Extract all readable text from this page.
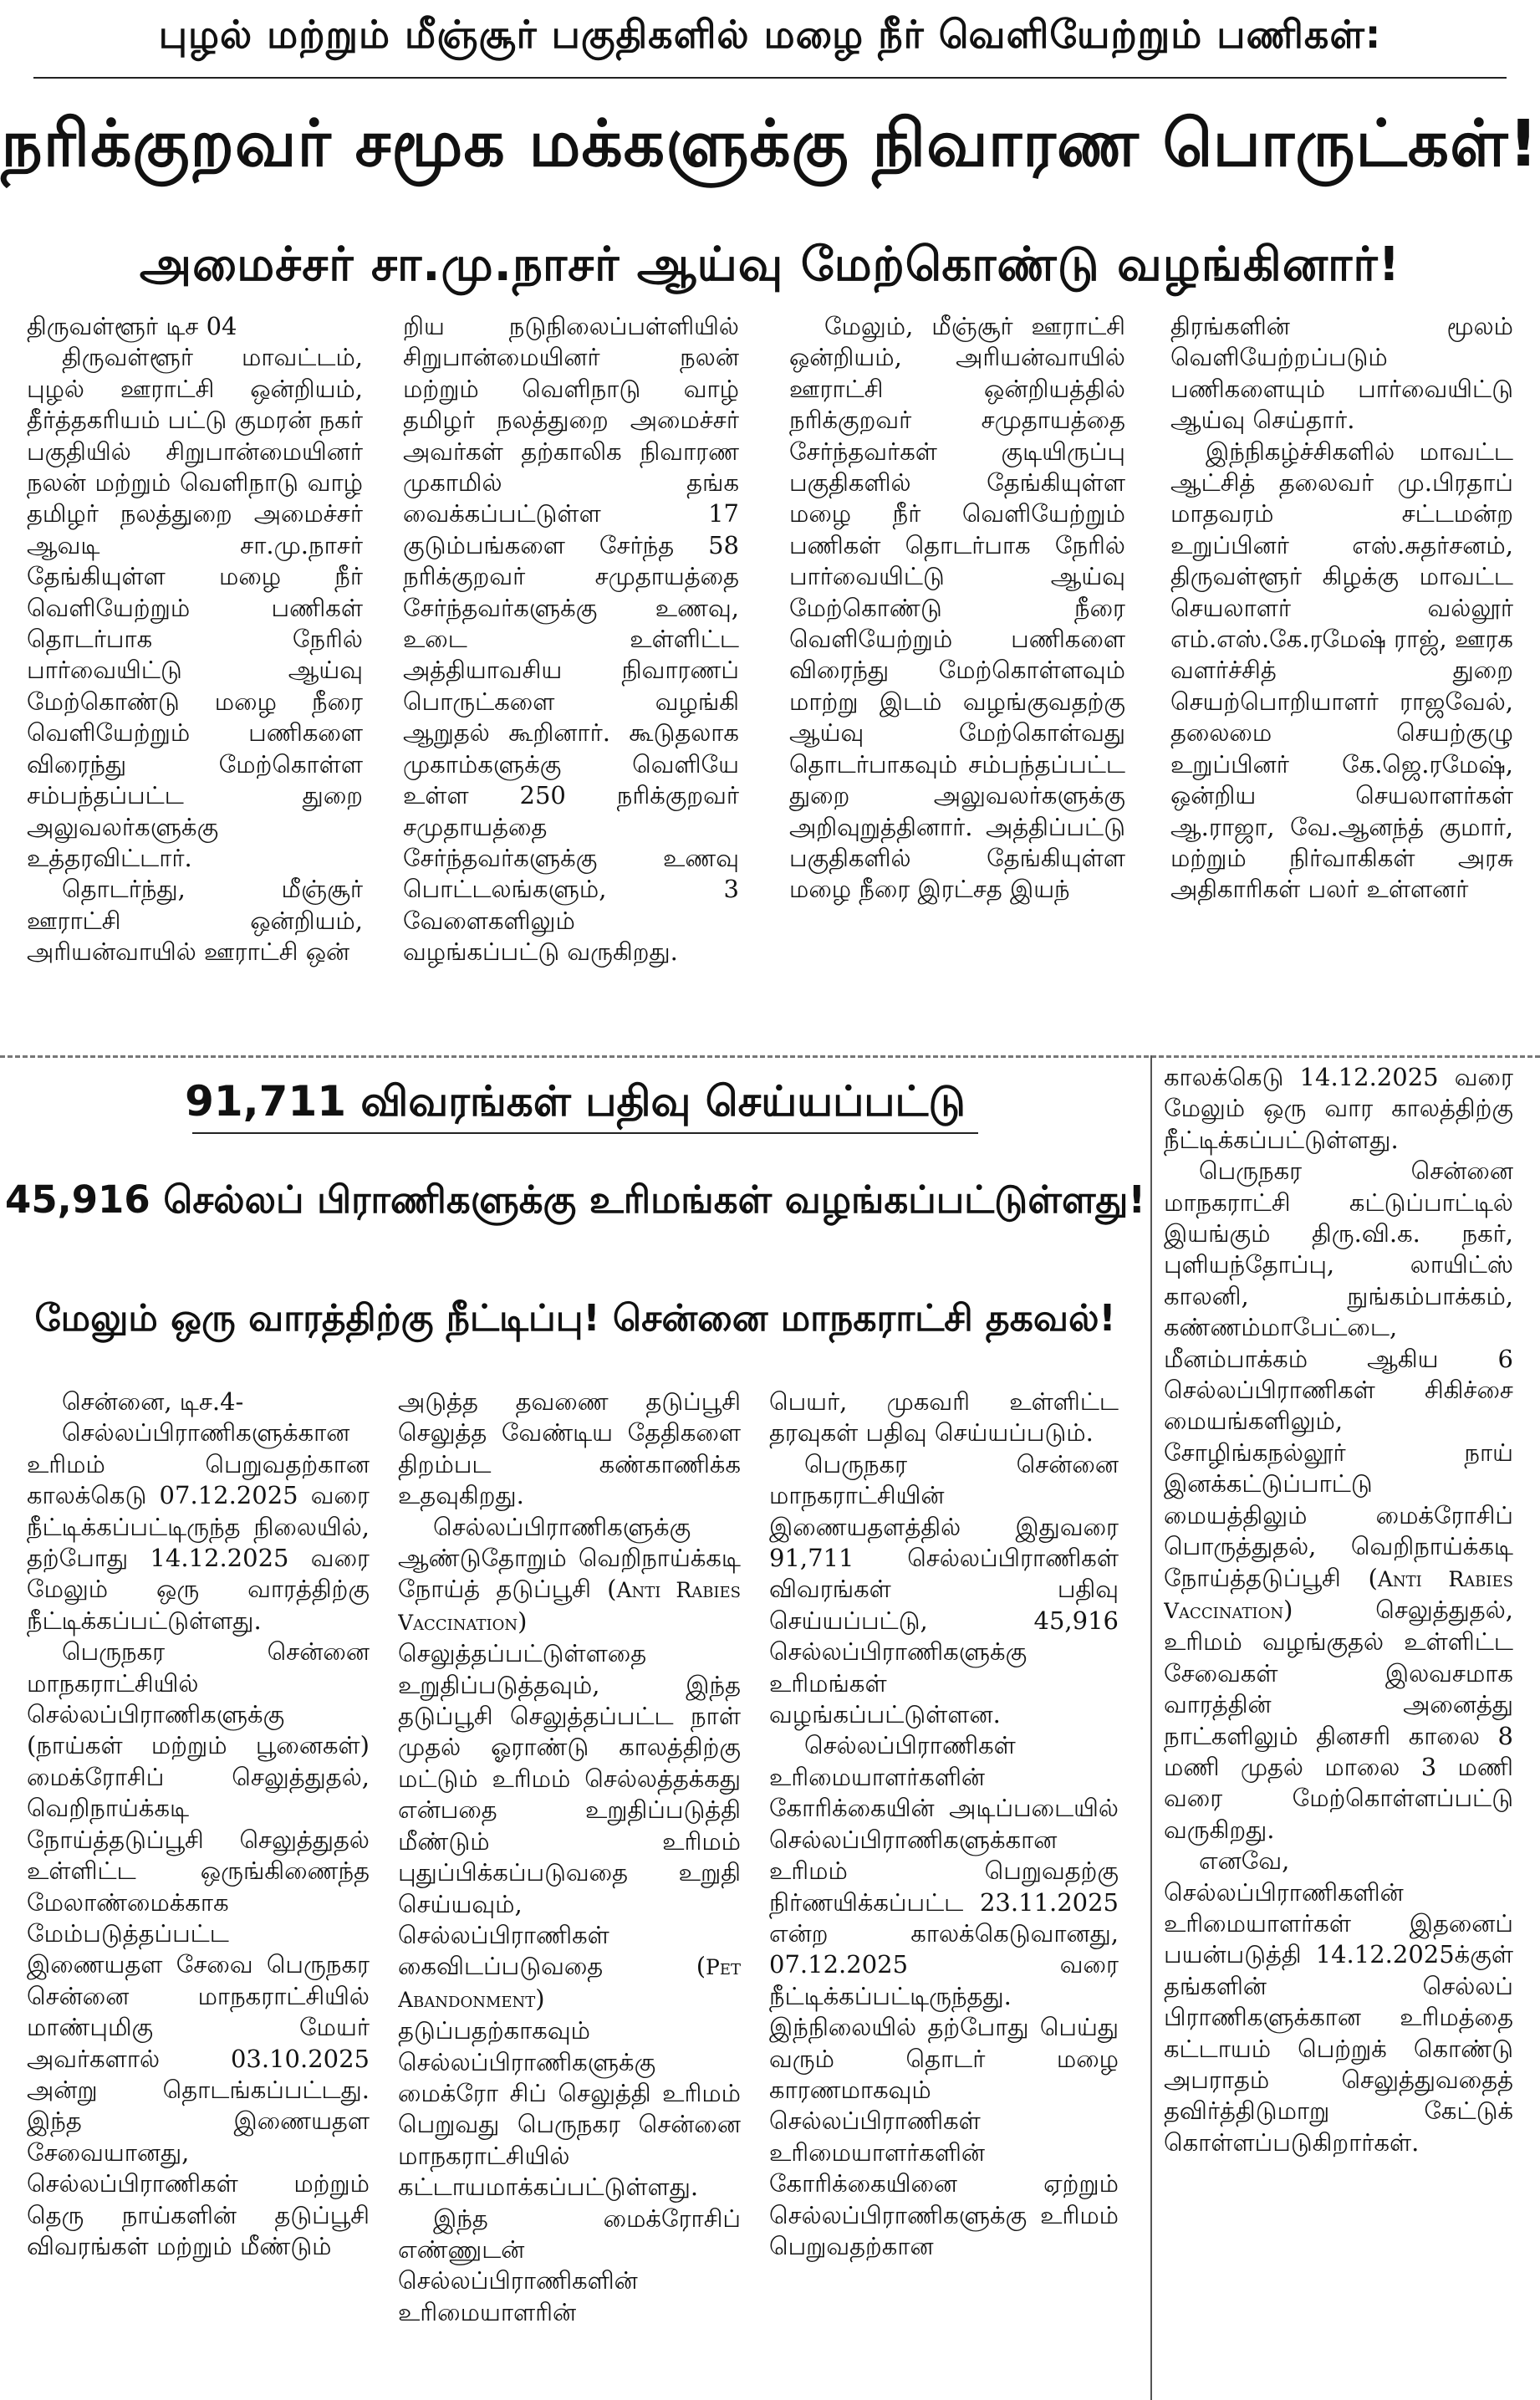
புழல் மற்றும் மீஞ்சூர் பகுதிகளில் மழை நீர் வெளியேற்றும் பணிகள்:
நரிக்குறவர் சமூக மக்களுக்கு நிவாரண பொருட்கள்!
அமைச்சர் சா.மு.நாசர் ஆய்வு மேற்கொண்டு வழங்கினார்!

திருவள்ளூர் டிச 04

திருவள்ளூர் மாவட்டம், புழல் ஊராட்சி ஒன்றியம், தீர்த்தகரியம் பட்டு குமரன் நகர் பகுதியில் சிறுபான்மையினர் நலன் மற்றும் வெளிநாடு வாழ் தமிழர் நலத்துறை அமைச்சர் ஆவடி சா.மு.நாசர் தேங்கியுள்ள மழை நீர் வெளியேற்றும் பணிகள் தொடர்பாக நேரில் பார்வையிட்டு ஆய்வு மேற்கொண்டு மழை நீரை வெளியேற்றும் பணிகளை விரைந்து மேற்கொள்ள சம்பந்தப்பட்ட துறை அலுவலர்களுக்கு உத்தரவிட்டார்.

தொடர்ந்து, மீஞ்சூர் ஊராட்சி ஒன்றியம், அரியன்வாயில் ஊராட்சி ஒன்

றிய நடுநிலைப்பள்ளியில் சிறுபான்மையினர் நலன் மற்றும் வெளிநாடு வாழ் தமிழர் நலத்துறை அமைச்சர் அவர்கள் தற்காலிக நிவாரண முகாமில் தங்க வைக்கப்பட்டுள்ள 17 குடும்பங்களை சேர்ந்த 58 நரிக்குறவர் சமுதாயத்தை சேர்ந்தவர்களுக்கு உணவு, உடை உள்ளிட்ட அத்தியாவசிய நிவாரணப் பொருட்களை வழங்கி ஆறுதல் கூறினார். கூடுதலாக முகாம்களுக்கு வெளியே உள்ள 250 நரிக்குறவர் சமுதாயத்தை சேர்ந்தவர்களுக்கு உணவு பொட்டலங்களும், 3 வேளைகளிலும் வழங்கப்பட்டு வருகிறது.

மேலும், மீஞ்சூர் ஊராட்சி ஒன்றியம், அரியன்வாயில் ஊராட்சி ஒன்றியத்தில் நரிக்குறவர் சமுதாயத்தை சேர்ந்தவர்கள் குடியிருப்பு பகுதிகளில் தேங்கியுள்ள மழை நீர் வெளியேற்றும் பணிகள் தொடர்பாக நேரில் பார்வையிட்டு ஆய்வு மேற்கொண்டு நீரை வெளியேற்றும் பணிகளை விரைந்து மேற்கொள்ளவும் மாற்று இடம் வழங்குவதற்கு ஆய்வு மேற்கொள்வது தொடர்பாகவும் சம்பந்தப்பட்ட துறை அலுவலர்களுக்கு அறிவுறுத்தினார். அத்திப்பட்டு பகுதிகளில் தேங்கியுள்ள மழை நீரை இரட்சத இயந்

திரங்களின் மூலம் வெளியேற்றப்படும் பணிகளையும் பார்வையிட்டு ஆய்வு செய்தார்.

இந்நிகழ்ச்சிகளில் மாவட்ட ஆட்சித் தலைவர் மு.பிரதாப் மாதவரம் சட்டமன்ற உறுப்பினர் எஸ்.சுதர்சனம், திருவள்ளூர் கிழக்கு மாவட்ட செயலாளர் வல்லூர் எம்.எஸ்.கே.ரமேஷ் ராஜ், ஊரக வளர்ச்சித் துறை செயற்பொறியாளர் ராஜவேல், தலைமை செயற்குழு உறுப்பினர் கே.ஜெ.ரமேஷ், ஒன்றிய செயலாளர்கள் ஆ.ராஜா, வே.ஆனந்த் குமார், மற்றும் நிர்வாகிகள் அரசு அதிகாரிகள் பலர் உள்ளனர்

91,711 விவரங்கள் பதிவு செய்யப்பட்டு
45,916 செல்லப் பிராணிகளுக்கு உரிமங்கள் வழங்கப்பட்டுள்ளது!
மேலும் ஒரு வாரத்திற்கு நீட்டிப்பு! சென்னை மாநகராட்சி தகவல்!

சென்னை, டிச.4-

செல்லப்பிராணிகளுக்கான உரிமம் பெறுவதற்கான காலக்கெடு 07.12.2025 வரை நீட்டிக்கப்பட்டிருந்த நிலையில், தற்போது 14.12.2025 வரை மேலும் ஒரு வாரத்திற்கு நீட்டிக்கப்பட்டுள்ளது.

பெருநகர சென்னை மாநகராட்சியில் செல்லப்பிராணிகளுக்கு (நாய்கள் மற்றும் பூனைகள்) மைக்ரோசிப் செலுத்துதல், வெறிநாய்க்கடி நோய்த்தடுப்பூசி செலுத்துதல் உள்ளிட்ட ஒருங்கிணைந்த மேலாண்மைக்காக மேம்படுத்தப்பட்ட இணையதள சேவை பெருநகர சென்னை மாநகராட்சியில் மாண்புமிகு மேயர் அவர்களால் 03.10.2025 அன்று தொடங்கப்பட்டது. இந்த இணையதள சேவையானது, செல்லப்பிராணிகள் மற்றும் தெரு நாய்களின் தடுப்பூசி விவரங்கள் மற்றும் மீண்டும்

அடுத்த தவணை தடுப்பூசி செலுத்த வேண்டிய தேதிகளை திறம்பட கண்காணிக்க உதவுகிறது.

செல்லப்பிராணிகளுக்கு ஆண்டுதோறும் வெறிநாய்க்கடி நோய்த் தடுப்பூசி (Anti Rabies Vaccination) செலுத்தப்பட்டுள்ளதை உறுதிப்படுத்தவும், இந்த தடுப்பூசி செலுத்தப்பட்ட நாள் முதல் ஓராண்டு காலத்திற்கு மட்டும் உரிமம் செல்லத்தக்கது என்பதை உறுதிப்படுத்தி மீண்டும் உரிமம் புதுப்பிக்கப்படுவதை உறுதி செய்யவும், செல்லப்பிராணிகள் கைவிடப்படுவதை (Pet Abandonment) தடுப்பதற்காகவும் செல்லப்பிராணிகளுக்கு மைக்ரோ சிப் செலுத்தி உரிமம் பெறுவது பெருநகர சென்னை மாநகராட்சியில் கட்டாயமாக்கப்பட்டுள்ளது.

இந்த மைக்ரோசிப் எண்ணுடன் செல்லப்பிராணிகளின் உரிமையாளரின்

பெயர், முகவரி உள்ளிட்ட தரவுகள் பதிவு செய்யப்படும்.

பெருநகர சென்னை மாநகராட்சியின் இணையதளத்தில் இதுவரை 91,711 செல்லப்பிராணிகள் விவரங்கள் பதிவு செய்யப்பட்டு, 45,916 செல்லப்பிராணிகளுக்கு உரிமங்கள் வழங்கப்பட்டுள்ளன.

செல்லப்பிராணிகள் உரிமையாளர்களின் கோரிக்கையின் அடிப்படையில் செல்லப்பிராணிகளுக்கான உரிமம் பெறுவதற்கு நிர்ணயிக்கப்பட்ட 23.11.2025 என்ற காலக்கெடுவானது, 07.12.2025 வரை நீட்டிக்கப்பட்டிருந்தது. இந்நிலையில் தற்போது பெய்து வரும் தொடர் மழை காரணமாகவும் செல்லப்பிராணிகள் உரிமையாளர்களின் கோரிக்கையினை ஏற்றும் செல்லப்பிராணிகளுக்கு உரிமம் பெறுவதற்கான

காலக்கெடு 14.12.2025 வரை மேலும் ஒரு வார காலத்திற்கு நீட்டிக்கப்பட்டுள்ளது.

பெருநகர சென்னை மாநகராட்சி கட்டுப்பாட்டில் இயங்கும் திரு.வி.க. நகர், புளியந்தோப்பு, லாயிட்ஸ் காலனி, நுங்கம்பாக்கம், கண்ணம்மாபேட்டை, மீனம்பாக்கம் ஆகிய 6 செல்லப்பிராணிகள் சிகிச்சை மையங்களிலும், சோழிங்கநல்லூர் நாய் இனக்கட்டுப்பாட்டு மையத்திலும் மைக்ரோசிப் பொருத்துதல், வெறிநாய்க்கடி நோய்த்தடுப்பூசி (Anti Rabies Vaccination) செலுத்துதல், உரிமம் வழங்குதல் உள்ளிட்ட சேவைகள் இலவசமாக வாரத்தின் அனைத்து நாட்களிலும் தினசரி காலை 8 மணி முதல் மாலை 3 மணி வரை மேற்கொள்ளப்பட்டு வருகிறது.

எனவே, செல்லப்பிராணிகளின் உரிமையாளர்கள் இதனைப் பயன்படுத்தி 14.12.2025க்குள் தங்களின் செல்லப் பிராணிகளுக்கான உரிமத்தை கட்டாயம் பெற்றுக் கொண்டு அபராதம் செலுத்துவதைத் தவிர்த்திடுமாறு கேட்டுக் கொள்ளப்படுகிறார்கள்.
